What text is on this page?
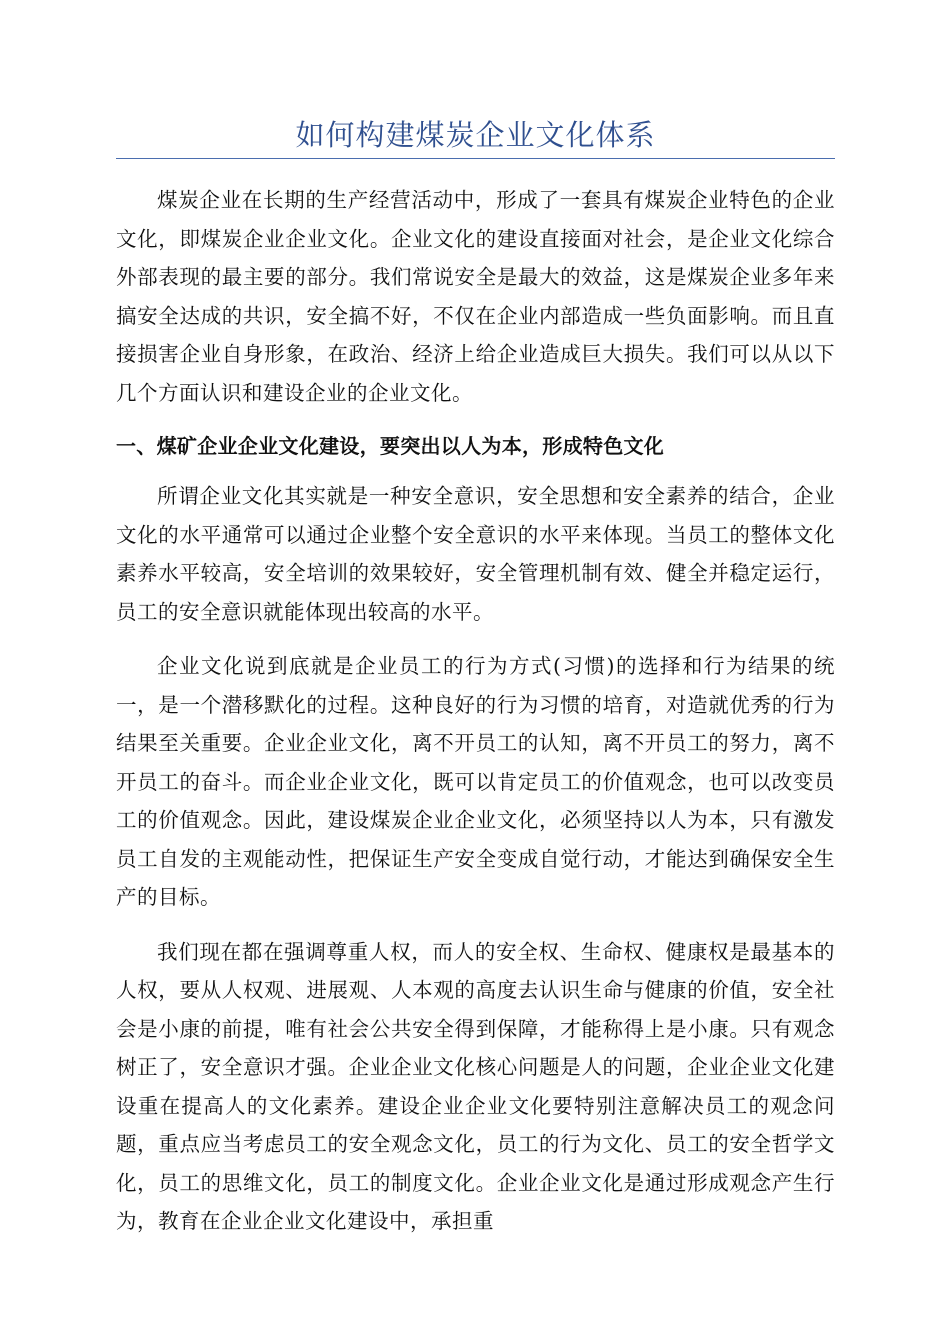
如何构建煤炭企业文化体系

煤炭企业在长期的生产经营活动中，形成了一套具有煤炭企业特色的企业文化，即煤炭企业企业文化。企业文化的建设直接面对社会，是企业文化综合外部表现的最主要的部分。我们常说安全是最大的效益，这是煤炭企业多年来搞安全达成的共识，安全搞不好，不仅在企业内部造成一些负面影响。而且直接损害企业自身形象，在政治、经济上给企业造成巨大损失。我们可以从以下几个方面认识和建设企业的企业文化。

一、煤矿企业企业文化建设，要突出以人为本，形成特色文化

所谓企业文化其实就是一种安全意识，安全思想和安全素养的结合，企业文化的水平通常可以通过企业整个安全意识的水平来体现。当员工的整体文化素养水平较高，安全培训的效果较好，安全管理机制有效、健全并稳定运行，员工的安全意识就能体现出较高的水平。

企业文化说到底就是企业员工的行为方式(习惯)的选择和行为结果的统一，是一个潜移默化的过程。这种良好的行为习惯的培育，对造就优秀的行为结果至关重要。企业企业文化，离不开员工的认知，离不开员工的努力，离不开员工的奋斗。而企业企业文化，既可以肯定员工的价值观念，也可以改变员工的价值观念。因此，建设煤炭企业企业文化，必须坚持以人为本，只有激发员工自发的主观能动性，把保证生产安全变成自觉行动，才能达到确保安全生产的目标。

我们现在都在强调尊重人权，而人的安全权、生命权、健康权是最基本的人权，要从人权观、进展观、人本观的高度去认识生命与健康的价值，安全社会是小康的前提，唯有社会公共安全得到保障，才能称得上是小康。只有观念树正了，安全意识才强。企业企业文化核心问题是人的问题，企业企业文化建设重在提高人的文化素养。建设企业企业文化要特别注意解决员工的观念问题，重点应当考虑员工的安全观念文化，员工的行为文化、员工的安全哲学文化，员工的思维文化，员工的制度文化。企业企业文化是通过形成观念产生行为，教育在企业企业文化建设中，承担重
